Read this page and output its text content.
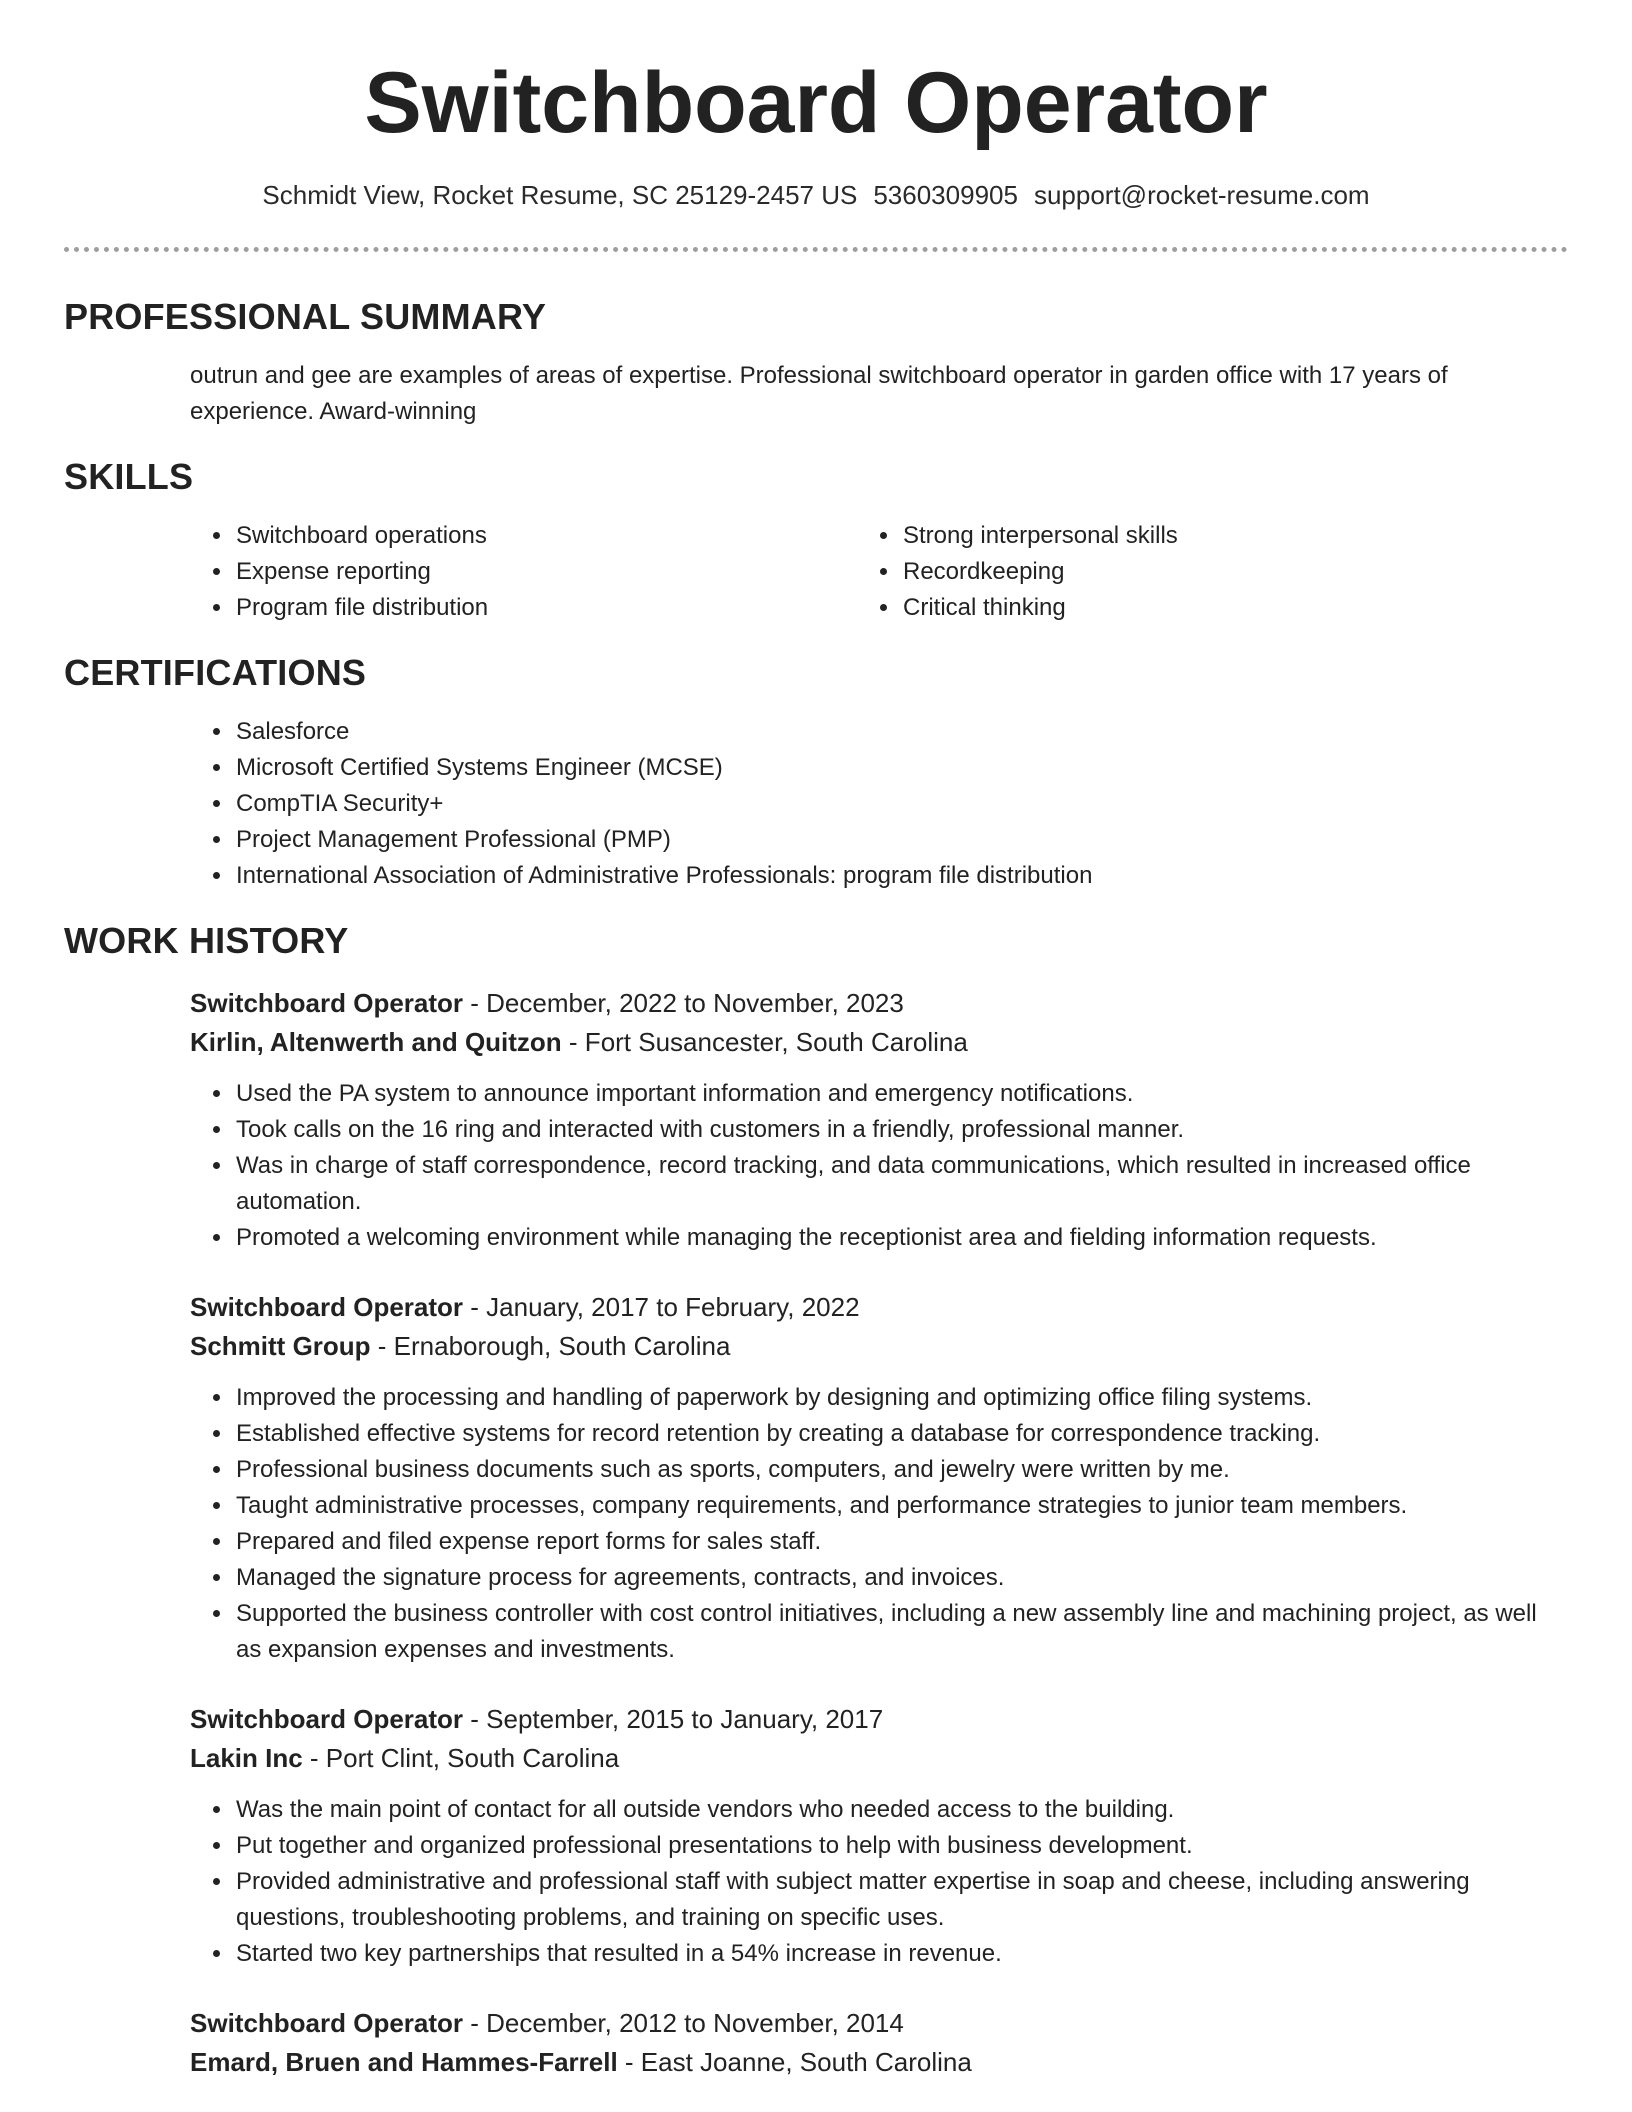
Switchboard Operator
Schmidt View, Rocket Resume, SC 25129-2457 US 5360309905 support@rocket-resume.com
PROFESSIONAL SUMMARY
outrun and gee are examples of areas of expertise. Professional switchboard operator in garden office with 17 years of experience. Award-winning
SKILLS
• Switchboard operations
• Expense reporting
• Program file distribution
• Strong interpersonal skills
• Recordkeeping
• Critical thinking
CERTIFICATIONS
• Salesforce
• Microsoft Certified Systems Engineer (MCSE)
• CompTIA Security+
• Project Management Professional (PMP)
• International Association of Administrative Professionals: program file distribution
WORK HISTORY
Switchboard Operator - December, 2022 to November, 2023
Kirlin, Altenwerth and Quitzon - Fort Susancester, South Carolina
• Used the PA system to announce important information and emergency notifications.
• Took calls on the 16 ring and interacted with customers in a friendly, professional manner.
• Was in charge of staff correspondence, record tracking, and data communications, which resulted in increased office automation.
• Promoted a welcoming environment while managing the receptionist area and fielding information requests.
Switchboard Operator - January, 2017 to February, 2022
Schmitt Group - Ernaborough, South Carolina
• Improved the processing and handling of paperwork by designing and optimizing office filing systems.
• Established effective systems for record retention by creating a database for correspondence tracking.
• Professional business documents such as sports, computers, and jewelry were written by me.
• Taught administrative processes, company requirements, and performance strategies to junior team members.
• Prepared and filed expense report forms for sales staff.
• Managed the signature process for agreements, contracts, and invoices.
• Supported the business controller with cost control initiatives, including a new assembly line and machining project, as well as expansion expenses and investments.
Switchboard Operator - September, 2015 to January, 2017
Lakin Inc - Port Clint, South Carolina
• Was the main point of contact for all outside vendors who needed access to the building.
• Put together and organized professional presentations to help with business development.
• Provided administrative and professional staff with subject matter expertise in soap and cheese, including answering questions, troubleshooting problems, and training on specific uses.
• Started two key partnerships that resulted in a 54% increase in revenue.
Switchboard Operator - December, 2012 to November, 2014
Emard, Bruen and Hammes-Farrell - East Joanne, South Carolina
